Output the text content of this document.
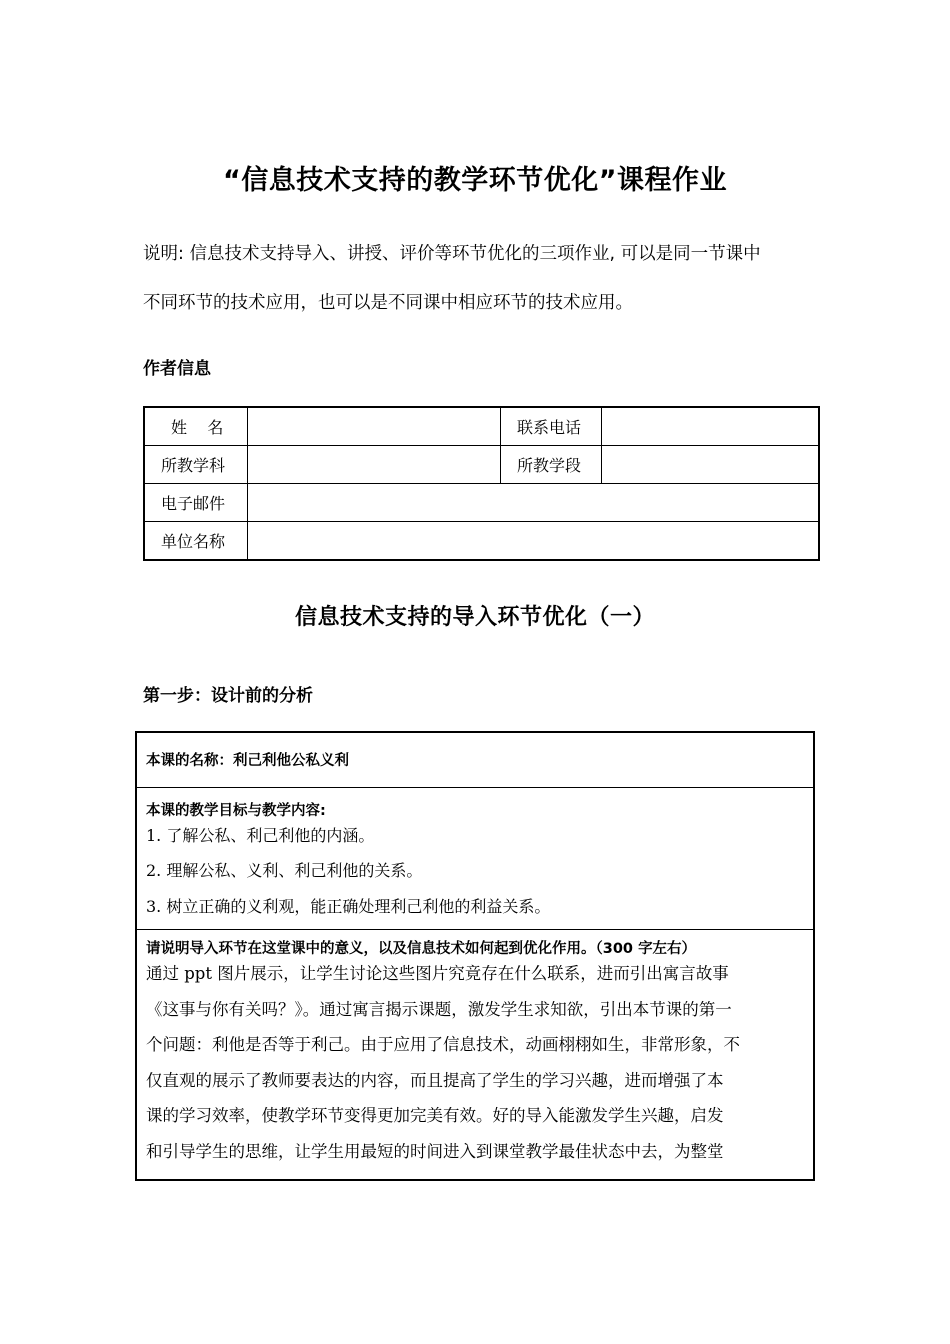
“信息技术支持的教学环节优化”课程作业
说明: 信息技术支持导入、讲授、评价等环节优化的三项作业, 可以是同一节课中
不同环节的技术应用，也可以是不同课中相应环节的技术应用。
作者信息
姓    名		联系电话	
所教学科		所教学段	
电子邮件			
单位名称			
信息技术支持的导入环节优化（一）
第一步：设计前的分析
本课的名称：利己利他公私义利
本课的教学目标与教学内容:
1. 了解公私、利己利他的内涵。
2. 理解公私、义利、利己利他的关系。
3. 树立正确的义利观，能正确处理利己利他的利益关系。
请说明导入环节在这堂课中的意义，以及信息技术如何起到优化作用。（300 字左右）
通过 ppt 图片展示，让学生讨论这些图片究竟存在什么联系，进而引出寓言故事
《这事与你有关吗？》。通过寓言揭示课题，激发学生求知欲，引出本节课的第一
个问题：利他是否等于利己。由于应用了信息技术，动画栩栩如生，非常形象，不
仅直观的展示了教师要表达的内容，而且提高了学生的学习兴趣，进而增强了本
课的学习效率，使教学环节变得更加完美有效。好的导入能激发学生兴趣，启发
和引导学生的思维，让学生用最短的时间进入到课堂教学最佳状态中去，为整堂
